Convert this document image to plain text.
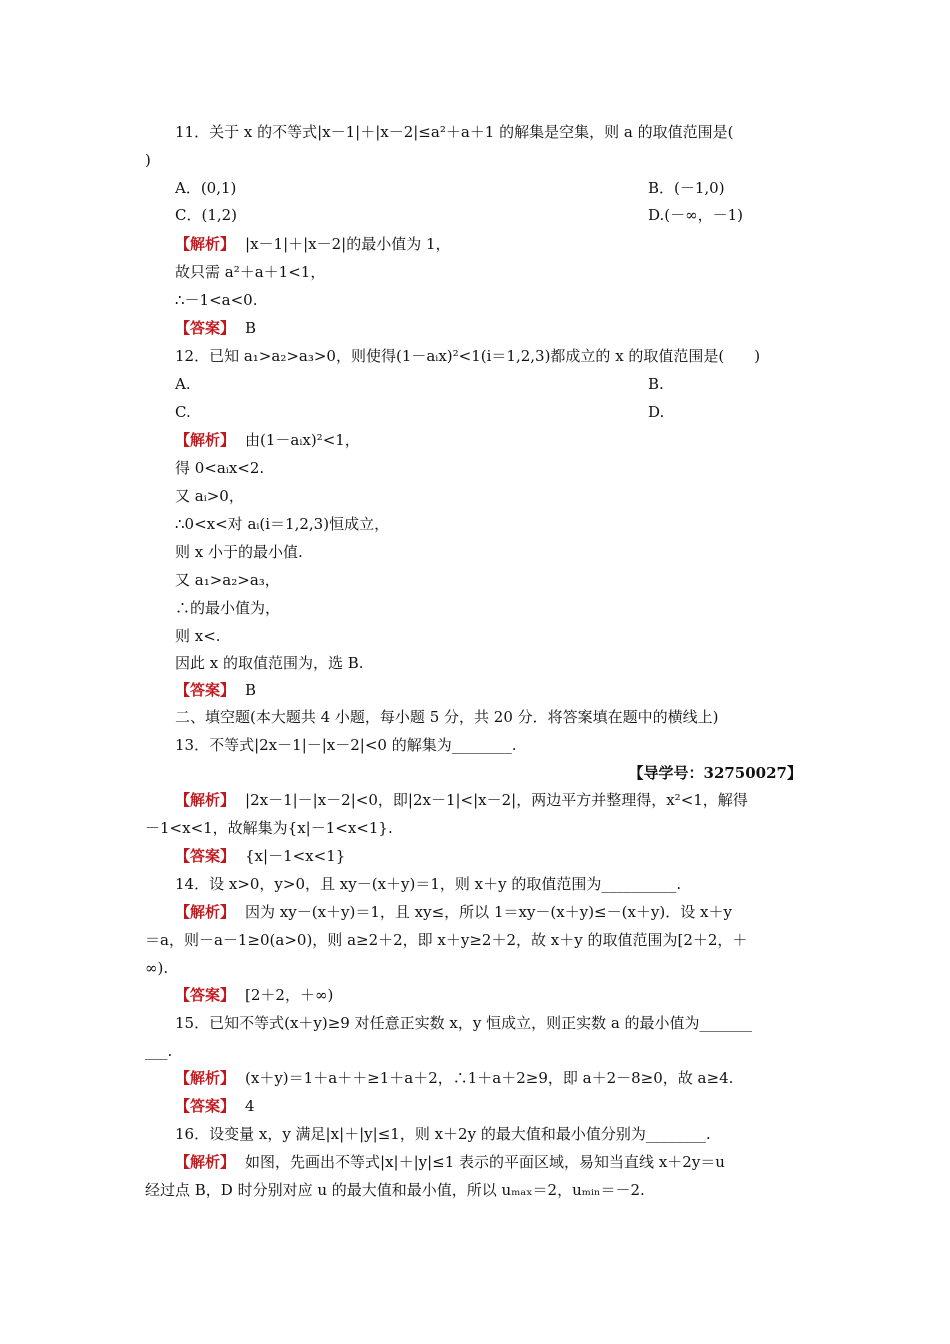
11．关于 x 的不等式|x－1|＋|x－2|≤a²＋a＋1 的解集是空集，则 a 的取值范围是(
)
A．(0,1)	B．(－1,0)
C．(1,2)	D.(－∞，－1)
【解析】 |x－1|＋|x－2|的最小值为 1，
故只需 a²＋a＋1<1，
∴－1<a<0.
【答案】 B
12．已知 a₁>a₂>a₃>0，则使得(1－aᵢx)²<1(i＝1,2,3)都成立的 x 的取值范围是(　　)
A.	B.
C.	D.
【解析】 由(1－aᵢx)²<1，
得 0<aᵢx<2.
又 aᵢ>0，
∴0<x<对 aᵢ(i＝1,2,3)恒成立，
则 x 小于的最小值.
又 a₁>a₂>a₃，
∴的最小值为，
则 x<.
因此 x 的取值范围为，选 B.
【答案】 B
二、填空题(本大题共 4 小题，每小题 5 分，共 20 分．将答案填在题中的横线上)
13．不等式|2x－1|－|x－2|<0 的解集为________.
【导学号：32750027】
【解析】 |2x－1|－|x－2|<0，即|2x－1|<|x－2|，两边平方并整理得，x²<1，解得
－1<x<1，故解集为{x|－1<x<1}.
【答案】 {x|－1<x<1}
14．设 x>0，y>0，且 xy－(x＋y)＝1，则 x＋y 的取值范围为__________.
【解析】 因为 xy－(x＋y)＝1，且 xy≤，所以 1＝xy－(x＋y)≤－(x＋y)．设 x＋y
＝a，则－a－1≥0(a>0)，则 a≥2＋2，即 x＋y≥2＋2，故 x＋y 的取值范围为[2＋2，＋
∞).
【答案】 [2＋2，＋∞)
15．已知不等式(x＋y)≥9 对任意正实数 x，y 恒成立，则正实数 a 的最小值为_______
___.
【解析】 (x＋y)＝1＋a＋＋≥1＋a＋2，∴1＋a＋2≥9，即 a＋2－8≥0，故 a≥4.
【答案】 4
16．设变量 x，y 满足|x|＋|y|≤1，则 x＋2y 的最大值和最小值分别为________.
【解析】 如图，先画出不等式|x|＋|y|≤1 表示的平面区域，易知当直线 x＋2y＝u
经过点 B，D 时分别对应 u 的最大值和最小值，所以 uₘₐₓ＝2，uₘᵢₙ＝－2.
